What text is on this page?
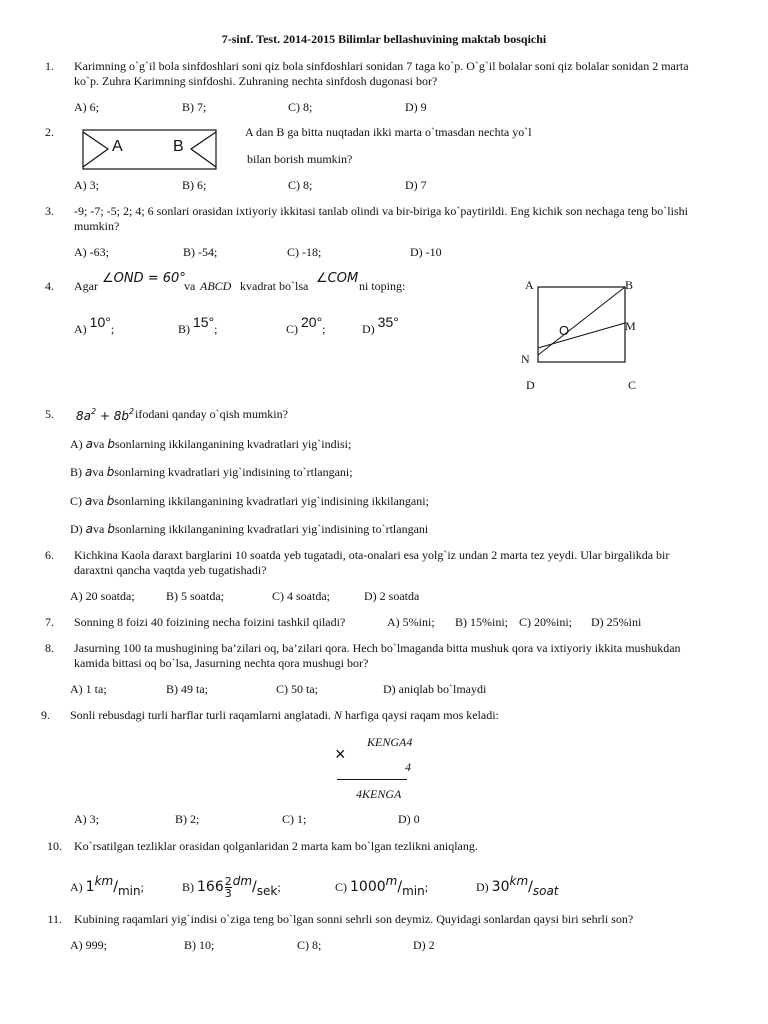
7-sinf. Test. 2014-2015 Bilimlar bellashuvining maktab bosqichi
1. Karimning o`g`il bola sinfdoshlari soni qiz bola sinfdoshlari sonidan 7 taga ko`p. O`g`il bolalar soni qiz bolalar sonidan 2 marta ko`p. Zuhra Karimning sinfdoshi. Zuhraning nechta sinfdosh dugonasi bor?
A) 6;	B) 7;	C) 8;	D) 9
2.
A	B
A dan B ga bitta nuqtadan ikki marta o`tmasdan nechta yo`l
bilan borish mumkin?
A) 3;	B) 6;	C) 8;	D) 7
3. -9; -7; -5; 2; 4; 6 sonlari orasidan ixtiyoriy ikkitasi tanlab olindi va bir-biriga ko`paytirildi. Eng kichik son nechaga teng bo`lishi mumkin?
A) -63;	B) -54;	C) -18;	D) -10
4. Agar ∠OND = 60°
va ABCD kvadrat bo`lsa ∠COM ni toping:
A) 10°;	B) 15°;	C) 20°;	D) 35°
A	B
M
N
D	C
O
5. $8a^2 + 8b^2$ ifodani qanday o`qish mumkin?
A) ava bsonlarning ikkilanganining kvadratlari yig`indisi;
B) ava bsonlarning kvadratlari yig`indisining to`rtlangani;
C) ava bsonlarning ikkilanganining kvadratlari yig`indisining ikkilangani;
D) ava bsonlarning ikkilanganining kvadratlari yig`indisining to`rtlangani
6. Kichkina Kaola daraxt barglarini 10 soatda yeb tugatadi, ota-onalari esa yolg`iz undan 2 marta tez yeydi. Ular birgalikda bir daraxtni qancha vaqtda yeb tugatishadi?
A) 20 soatda;	B) 5 soatda;	C) 4 soatda;	D) 2 soatda
7. Sonning 8 foizi 40 foizining necha foizini tashkil qiladi?	A) 5%ini; B) 15%ini; C) 20%ini; D) 25%ini
8. Jasurning 100 ta mushugining ba’zilari oq, ba’zilari qora. Hech bo`lmaganda bitta mushuk qora va ixtiyoriy ikkita mushukdan kamida bittasi oq bo`lsa, Jasurning nechta qora mushugi bor?
A) 1 ta;	B) 49 ta;	C) 50 ta;	D) aniqlab bo`lmaydi
9. Sonli rebusdagi turli harflar turli raqamlarni anglatadi. N harfiga qaysi raqam mos keladi:
KENGA4
×
4
4KENGA
A) 3;	B) 2;	C) 1;	D) 0
10. Ko`rsatilgan tezliklar orasidan qolganlaridan 2 marta kam bo`lgan tezlikni aniqlang.
A) 1km/min;	B) $166 \frac{2}{3} dm/sek$;	C) 1000m/min;	D) 30km/soat
11. Kubining raqamlari yig`indisi o`ziga teng bo`lgan sonni sehrli son deymiz. Quyidagi sonlardan qaysi biri sehrli son?
A) 999;	B) 10;	C) 8;	D) 2
